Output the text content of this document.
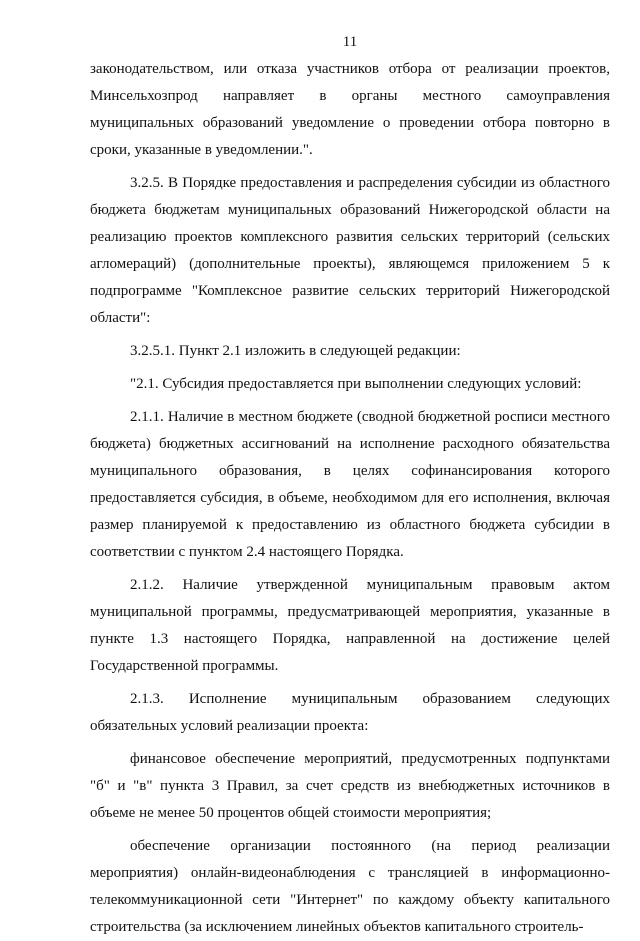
11

законодательством, или отказа участников отбора от реализации проектов, Минсельхозпрод направляет в органы местного самоуправления муниципальных образований уведомление о проведении отбора повторно в сроки, указанные в уведомлении.".

3.2.5. В Порядке предоставления и распределения субсидии из областного бюджета бюджетам муниципальных образований Нижегородской области на реализацию проектов комплексного развития сельских территорий (сельских агломераций) (дополнительные проекты), являющемся приложением 5 к подпрограмме "Комплексное развитие сельских территорий Нижегородской области":

3.2.5.1. Пункт 2.1 изложить в следующей редакции:

"2.1. Субсидия предоставляется при выполнении следующих условий:

2.1.1. Наличие в местном бюджете (сводной бюджетной росписи местного бюджета) бюджетных ассигнований на исполнение расходного обязательства муниципального образования, в целях софинансирования которого предоставляется субсидия, в объеме, необходимом для его исполнения, включая размер планируемой к предоставлению из областного бюджета субсидии в соответствии с пунктом 2.4 настоящего Порядка.

2.1.2. Наличие утвержденной муниципальным правовым актом муниципальной программы, предусматривающей мероприятия, указанные в пункте 1.3 настоящего Порядка, направленной на достижение целей Государственной программы.

2.1.3. Исполнение муниципальным образованием следующих обязательных условий реализации проекта:

финансовое обеспечение мероприятий, предусмотренных подпунктами "б" и "в" пункта 3 Правил, за счет средств из внебюджетных источников в объеме не менее 50 процентов общей стоимости мероприятия;

обеспечение организации постоянного (на период реализации мероприятия) онлайн-видеонаблюдения с трансляцией в информационно-телекоммуникационной сети "Интернет" по каждому объекту капитального строительства (за исключением линейных объектов капитального строитель-
